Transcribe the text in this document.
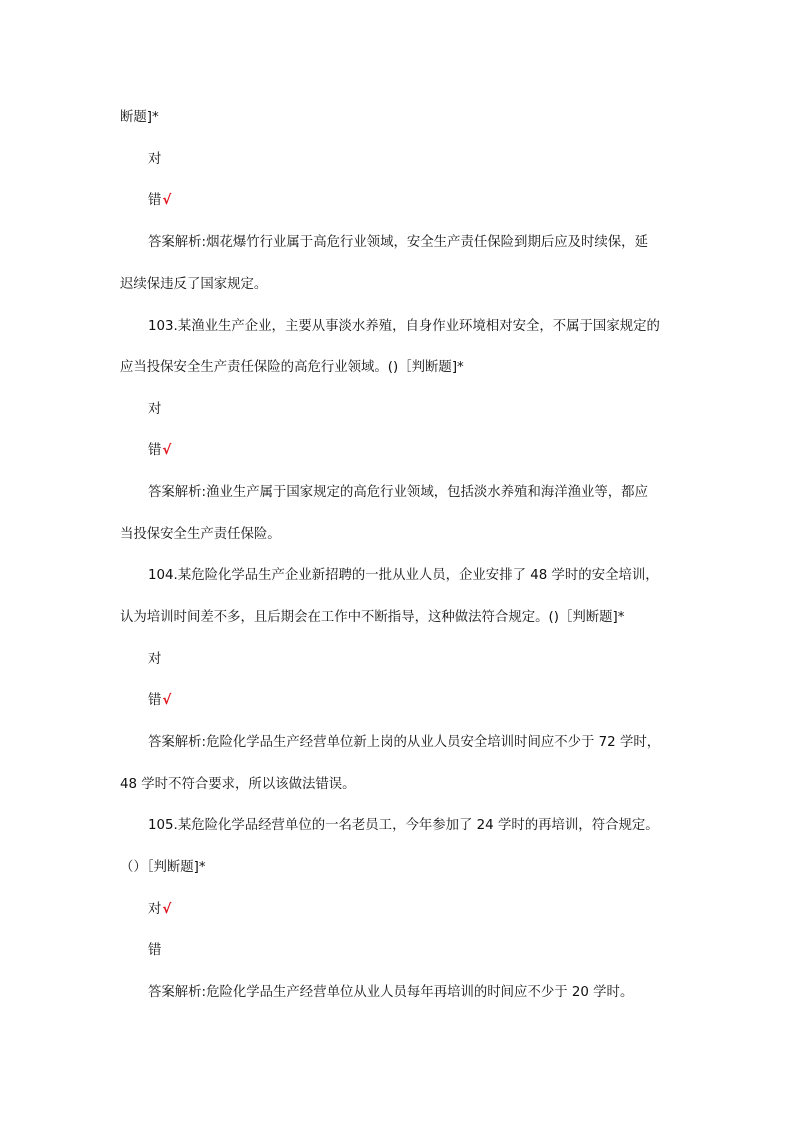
断题]*
对
错√
答案解析:烟花爆竹行业属于高危行业领域，安全生产责任保险到期后应及时续保，延
迟续保违反了国家规定。
103.某渔业生产企业，主要从事淡水养殖，自身作业环境相对安全，不属于国家规定的
应当投保安全生产责任保险的高危行业领域。()［判断题]*
对
错√
答案解析:渔业生产属于国家规定的高危行业领域，包括淡水养殖和海洋渔业等，都应
当投保安全生产责任保险。
104.某危险化学品生产企业新招聘的一批从业人员，企业安排了 48 学时的安全培训，
认为培训时间差不多，且后期会在工作中不断指导，这种做法符合规定。()［判断题]*
对
错√
答案解析:危险化学品生产经营单位新上岗的从业人员安全培训时间应不少于 72 学时，
48 学时不符合要求，所以该做法错误。
105.某危险化学品经营单位的一名老员工，今年参加了 24 学时的再培训，符合规定。
（）［判断题]*
对√
错
答案解析:危险化学品生产经营单位从业人员每年再培训的时间应不少于 20 学时。
